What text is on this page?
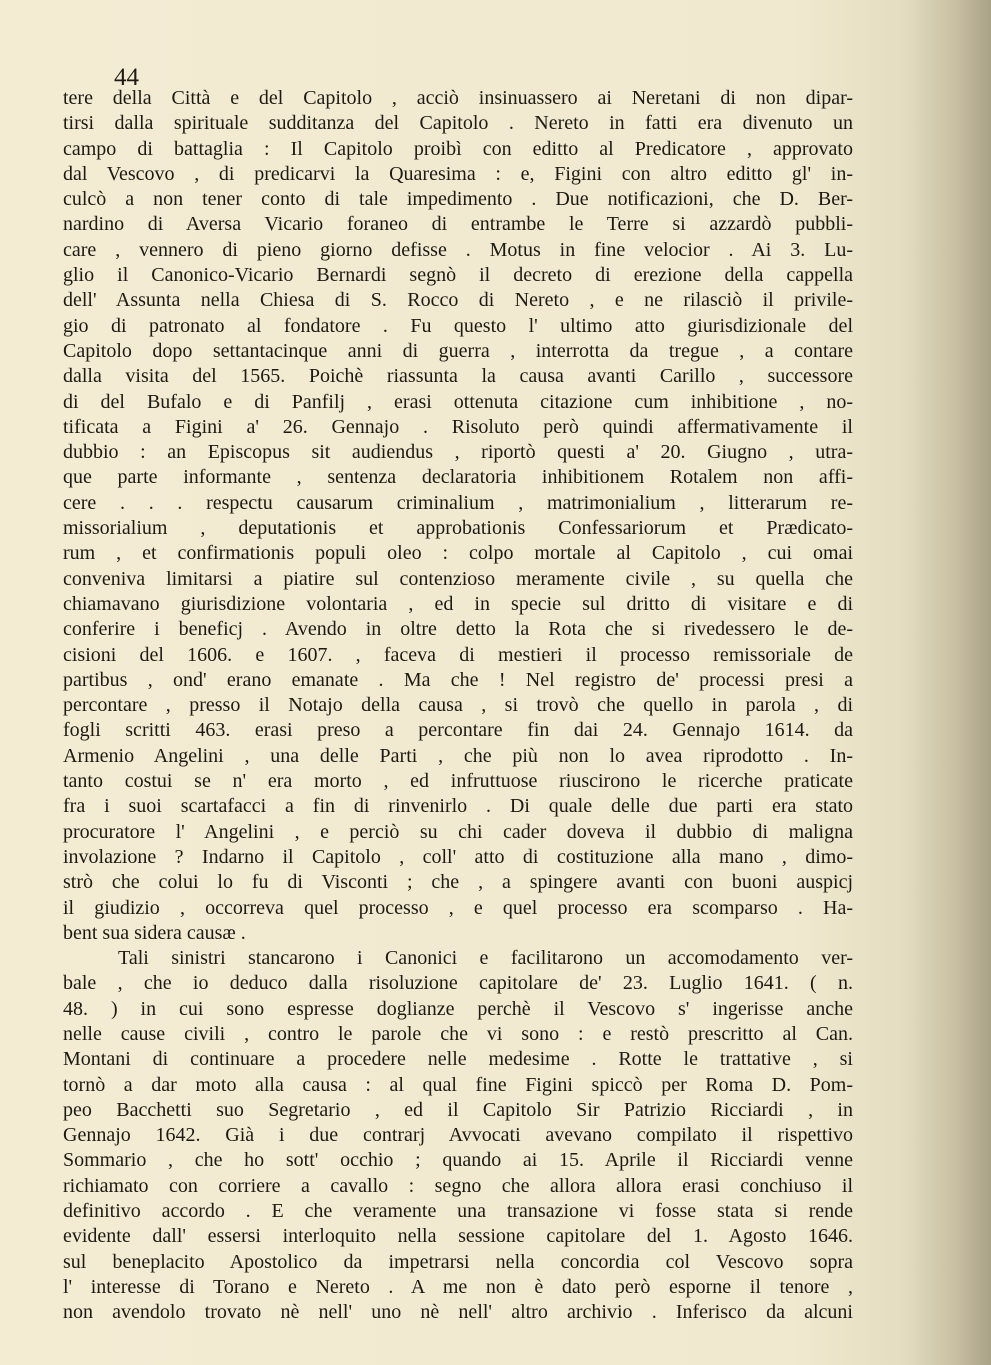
44
tere della Città e del Capitolo , acciò insinuassero ai Neretani di non dipar-
tirsi dalla spirituale sudditanza del Capitolo . Nereto in fatti era divenuto un
campo di battaglia : Il Capitolo proibì con editto al Predicatore , approvato
dal Vescovo , di predicarvi la Quaresima : e, Figini con altro editto gl' in-
culcò a non tener conto di tale impedimento . Due notificazioni, che D. Ber-
nardino di Aversa Vicario foraneo di entrambe le Terre si azzardò pubbli-
care , vennero di pieno giorno defisse . Motus in fine velocior . Ai 3. Lu-
glio il Canonico-Vicario Bernardi segnò il decreto di erezione della cappella
dell' Assunta nella Chiesa di S. Rocco di Nereto , e ne rilasciò il privile-
gio di patronato al fondatore . Fu questo l' ultimo atto giurisdizionale del
Capitolo dopo settantacinque anni di guerra , interrotta da tregue , a contare
dalla visita del 1565. Poichè riassunta la causa avanti Carillo , successore
di del Bufalo e di Panfilj , erasi ottenuta citazione cum inhibitione , no-
tificata a Figini a' 26. Gennajo . Risoluto però quindi affermativamente il
dubbio : an Episcopus sit audiendus , riportò questi a' 20. Giugno , utra-
que parte informante , sentenza declaratoria inhibitionem Rotalem non affi-
cere . . . respectu causarum criminalium , matrimonialium , litterarum re-
missorialium , deputationis et approbationis Confessariorum et Prædicato-
rum , et confirmationis populi oleo : colpo mortale al Capitolo , cui omai
conveniva limitarsi a piatire sul contenzioso meramente civile , su quella che
chiamavano giurisdizione volontaria , ed in specie sul dritto di visitare e di
conferire i beneficj . Avendo in oltre detto la Rota che si rivedessero le de-
cisioni del 1606. e 1607. , faceva di mestieri il processo remissoriale de
partibus , ond' erano emanate . Ma che ! Nel registro de' processi presi a
percontare , presso il Notajo della causa , si trovò che quello in parola , di
fogli scritti 463. erasi preso a percontare fin dai 24. Gennajo 1614. da
Armenio Angelini , una delle Parti , che più non lo avea riprodotto . In-
tanto costui se n' era morto , ed infruttuose riuscirono le ricerche praticate
fra i suoi scartafacci a fin di rinvenirlo . Di quale delle due parti era stato
procuratore l' Angelini , e perciò su chi cader doveva il dubbio di maligna
involazione ? Indarno il Capitolo , coll' atto di costituzione alla mano , dimo-
strò che colui lo fu di Visconti ; che , a spingere avanti con buoni auspicj
il giudizio , occorreva quel processo , e quel processo era scomparso . Ha-
bent sua sidera causæ .
Tali sinistri stancarono i Canonici e facilitarono un accomodamento ver-
bale , che io deduco dalla risoluzione capitolare de' 23. Luglio 1641. ( n.
48. ) in cui sono espresse doglianze perchè il Vescovo s' ingerisse anche
nelle cause civili , contro le parole che vi sono : e restò prescritto al Can.
Montani di continuare a procedere nelle medesime . Rotte le trattative , si
tornò a dar moto alla causa : al qual fine Figini spiccò per Roma D. Pom-
peo Bacchetti suo Segretario , ed il Capitolo Sir Patrizio Ricciardi , in
Gennajo 1642. Già i due contrarj Avvocati avevano compilato il rispettivo
Sommario , che ho sott' occhio ; quando ai 15. Aprile il Ricciardi venne
richiamato con corriere a cavallo : segno che allora allora erasi conchiuso il
definitivo accordo . E che veramente una transazione vi fosse stata si rende
evidente dall' essersi interloquito nella sessione capitolare del 1. Agosto 1646.
sul beneplacito Apostolico da impetrarsi nella concordia col Vescovo sopra
l' interesse di Torano e Nereto . A me non è dato però esporne il tenore ,
non avendolo trovato nè nell' uno nè nell' altro archivio . Inferisco da alcuni
